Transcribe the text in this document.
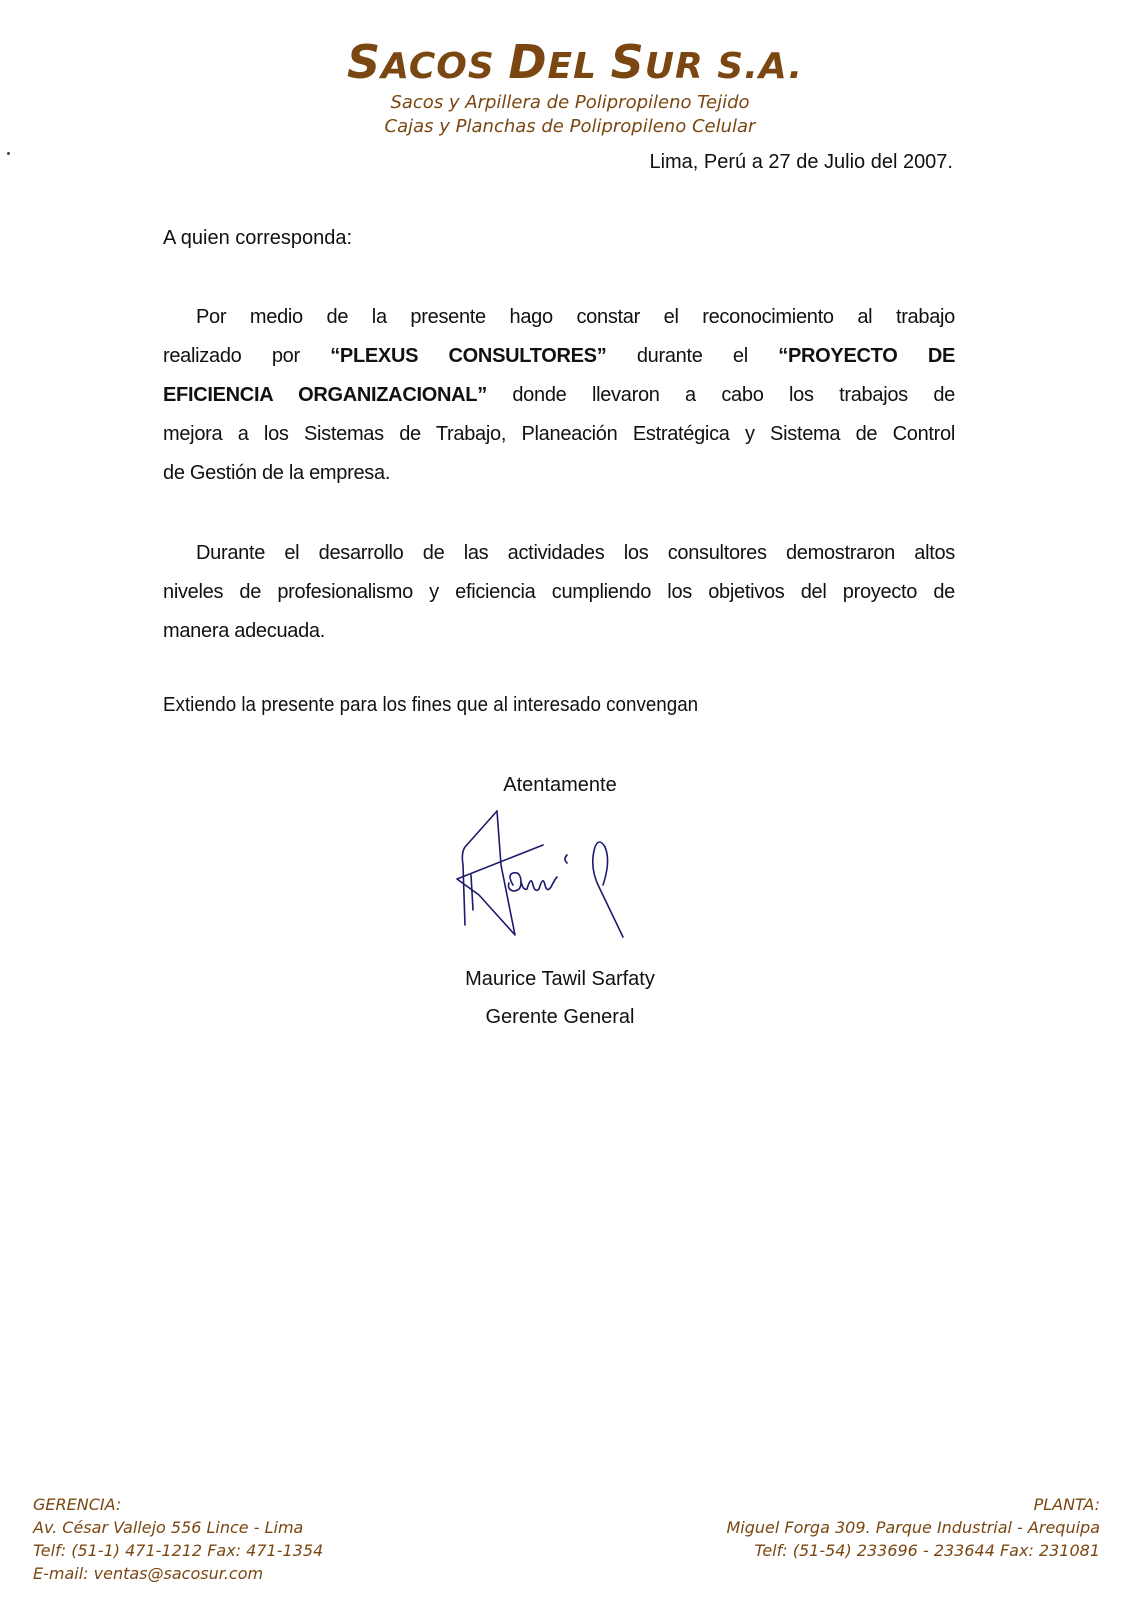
SACOS DEL SUR S.A.
Sacos y Arpillera de Polipropileno Tejido
Cajas y Planchas de Polipropileno Celular
Lima, Perú a 27 de Julio del 2007.
A quien corresponda:
Por medio de la presente hago constar el reconocimiento al trabajo
realizado por “PLEXUS CONSULTORES” durante el “PROYECTO DE
EFICIENCIA ORGANIZACIONAL” donde llevaron a cabo los trabajos de
mejora a los Sistemas de Trabajo, Planeación Estratégica y Sistema de Control
de Gestión de la empresa.
Durante el desarrollo de las actividades los consultores demostraron altos
niveles de profesionalismo y eficiencia cumpliendo los objetivos del proyecto de
manera adecuada.
Extiendo la presente para los fines que al interesado convengan
Atentamente
Maurice Tawil Sarfaty
Gerente General
GERENCIA:
Av. César Vallejo 556 Lince - Lima
Telf: (51-1) 471-1212 Fax: 471-1354
E-mail: ventas@sacosur.com
PLANTA:
Miguel Forga 309. Parque Industrial - Arequipa
Telf: (51-54) 233696 - 233644 Fax: 231081
